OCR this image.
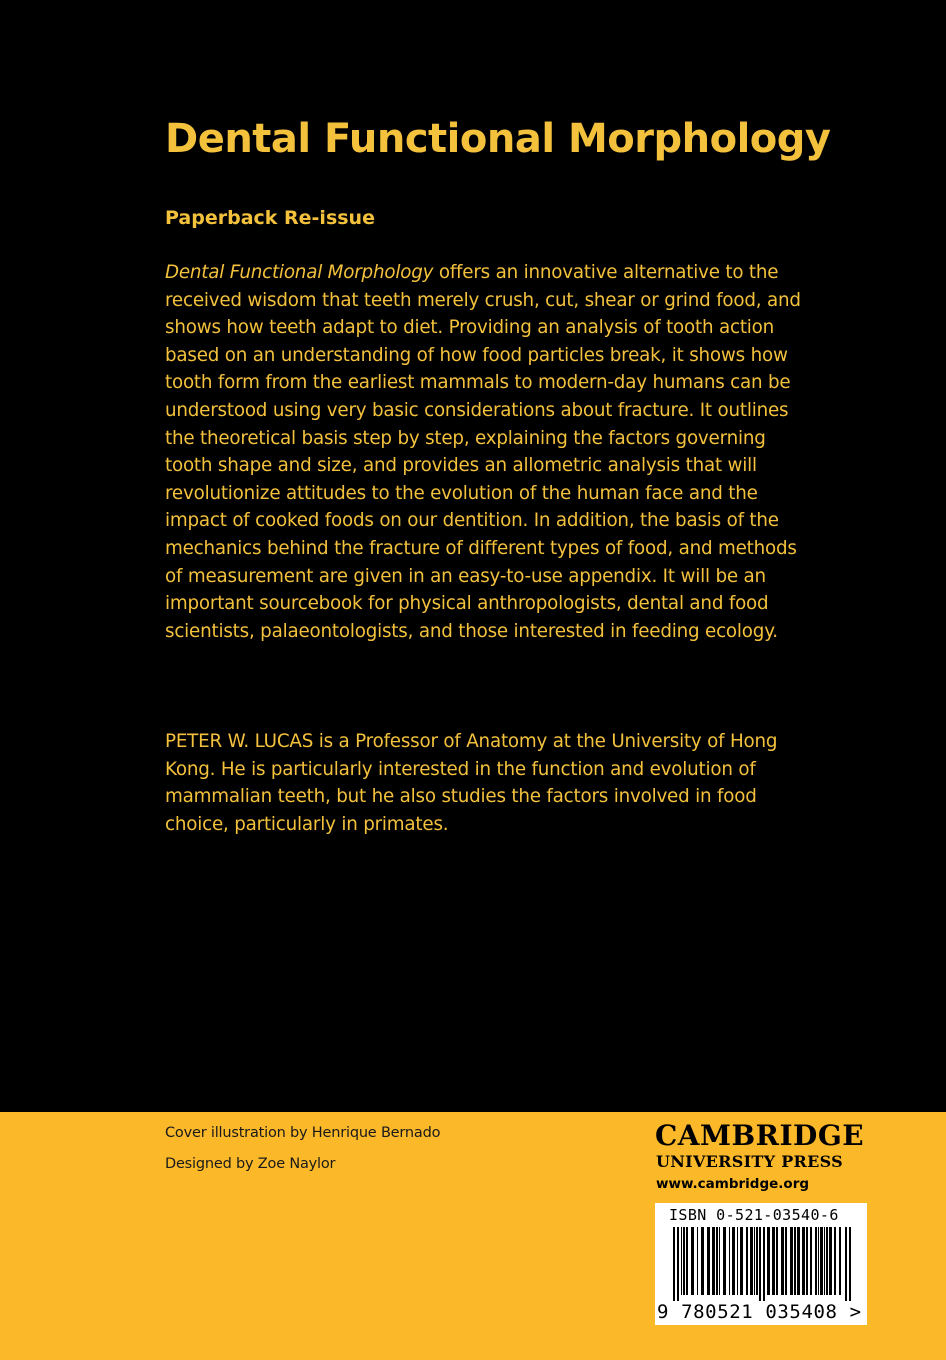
Dental Functional Morphology
Paperback Re-issue

Dental Functional Morphology offers an innovative alternative to the received wisdom that teeth merely crush, cut, shear or grind food, and shows how teeth adapt to diet. Providing an analysis of tooth action based on an understanding of how food particles break, it shows how tooth form from the earliest mammals to modern-day humans can be understood using very basic considerations about fracture. It outlines the theoretical basis step by step, explaining the factors governing tooth shape and size, and provides an allometric analysis that will revolutionize attitudes to the evolution of the human face and the impact of cooked foods on our dentition. In addition, the basis of the mechanics behind the fracture of different types of food, and methods of measurement are given in an easy-to-use appendix. It will be an important sourcebook for physical anthropologists, dental and food scientists, palaeontologists, and those interested in feeding ecology.

PETER W. LUCAS is a Professor of Anatomy at the University of Hong Kong. He is particularly interested in the function and evolution of mammalian teeth, but he also studies the factors involved in food choice, particularly in primates.

Cover illustration by Henrique Bernado
Designed by Zoe Naylor
CAMBRIDGE
UNIVERSITY PRESS
www.cambridge.org
ISBN 0-521-03540-6
9 780521 035408 >
